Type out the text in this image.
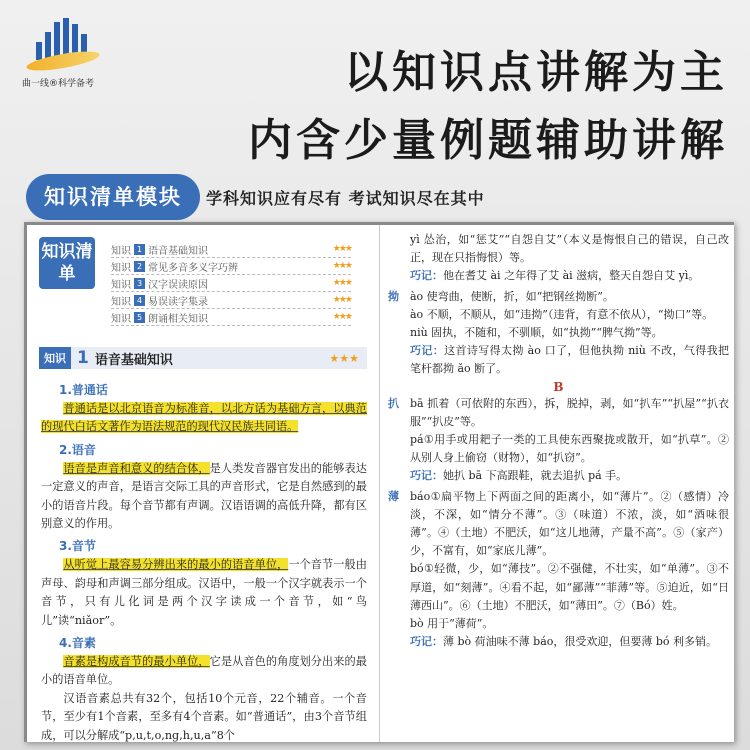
曲一线®科学备考	以知识点讲解为主
内含少量例题辅助讲解
知识清单模块	学科知识应有尽有 考试知识尽在其中
知识清单
知识 1 语音基础知识	★★★
知识 2 常见多音多义字巧辨	★★★
知识 3 汉字误读原因	★★★
知识 4 易误读字集录	★★★
知识 5 朗诵相关知识	★★★
知识 1 语音基础知识	★★★
1.普通话
普通话是以北京语音为标准音，以北方话为基础方言，以典范的现代白话文著作为语法规范的现代汉民族共同语。
2.语音
语音是声音和意义的结合体，是人类发音器官发出的能够表达一定意义的声音，是语言交际工具的声音形式，它是自然感到的最小的语音片段。每个音节都有声调。汉语语调的高低升降，都有区别意义的作用。
3.音节
从听觉上最容易分辨出来的最小的语音单位，一个音节一般由声母、韵母和声调三部分组成。汉语中，一般一个汉字就表示一个音节，只有儿化词是两个汉字读成一个音节，如“鸟儿”读“niǎor”。
4.音素
音素是构成音节的最小单位，它是从音色的角度划分出来的最小的语音单位。
汉语音素总共有32个，包括10个元音，22个辅音。一个音节，至少有1个音素，至多有4个音素。如“普通话”，由3个音节组成，可以分解成“p,u,t,o,ng,h,u,a”8个
yì 怂治，如“惩艾”“自怨自艾”（本义是悔恨自己的错误，自己改正，现在只指悔恨）等。
巧记：他在耆艾 ài 之年得了艾 ài 滋病，整天自怨自艾 yì。
拗	ào 使弯曲，使断，折，如“把钢丝拗断”。
ào 不顺，不顺从，如“违拗”（违背，有意不依从），“拗口”等。
niù 固执，不随和，不驯顺，如“执拗”“脾气拗”等。
巧记：这首诗写得太拗 ào 口了，但他执拗 niù 不改，气得我把笔杆都拗 ǎo 断了。
B
扒	bā 抓着（可依附的东西），拆，脱掉，剥，如“扒车”“扒屋”“扒衣服”“扒皮”等。
pá①用手或用耙子一类的工具使东西聚拢或散开，如“扒草”。②从别人身上偷窃（财物），如“扒窃”。
巧记：她扒 bā 下高跟鞋，就去追扒 pá 手。
薄	báo①扁平物上下两面之间的距离小，如“薄片”。②（感情）冷淡，不深，如“情分不薄”。③（味道）不浓，淡，如“酒味很薄”。④（土地）不肥沃，如“这儿地薄，产量不高”。⑤（家产）少，不富有，如“家底儿薄”。
bó①轻微，少，如“薄技”。②不强健，不壮实，如“单薄”。③不厚道，如“刻薄”。④看不起，如“鄙薄”“菲薄”等。⑤迫近，如“日薄西山”。⑥（土地）不肥沃，如“薄田”。⑦（Bó）姓。
bò 用于“薄荷”。
巧记：薄 bò 荷油味不薄 báo，很受欢迎，但要薄 bó 利多销。
